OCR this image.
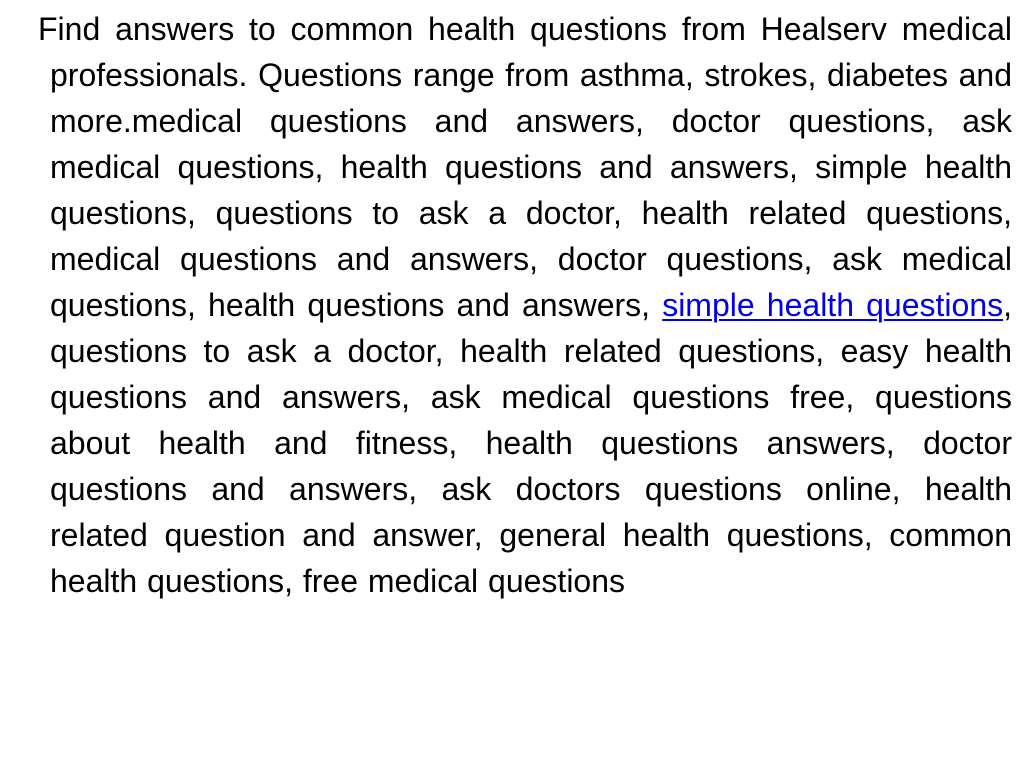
Find answers to common health questions from Healserv medical professionals. Questions range from asthma, strokes, diabetes and more.medical questions and answers, doctor questions, ask medical questions, health questions and answers, simple health questions, questions to ask a doctor, health related questions, medical questions and answers, doctor questions, ask medical questions, health questions and answers, simple health questions, questions to ask a doctor, health related questions, easy health questions and answers, ask medical questions free, questions about health and fitness, health questions answers, doctor questions and answers, ask doctors questions online, health related question and answer, general health questions, common health questions, free medical questions
